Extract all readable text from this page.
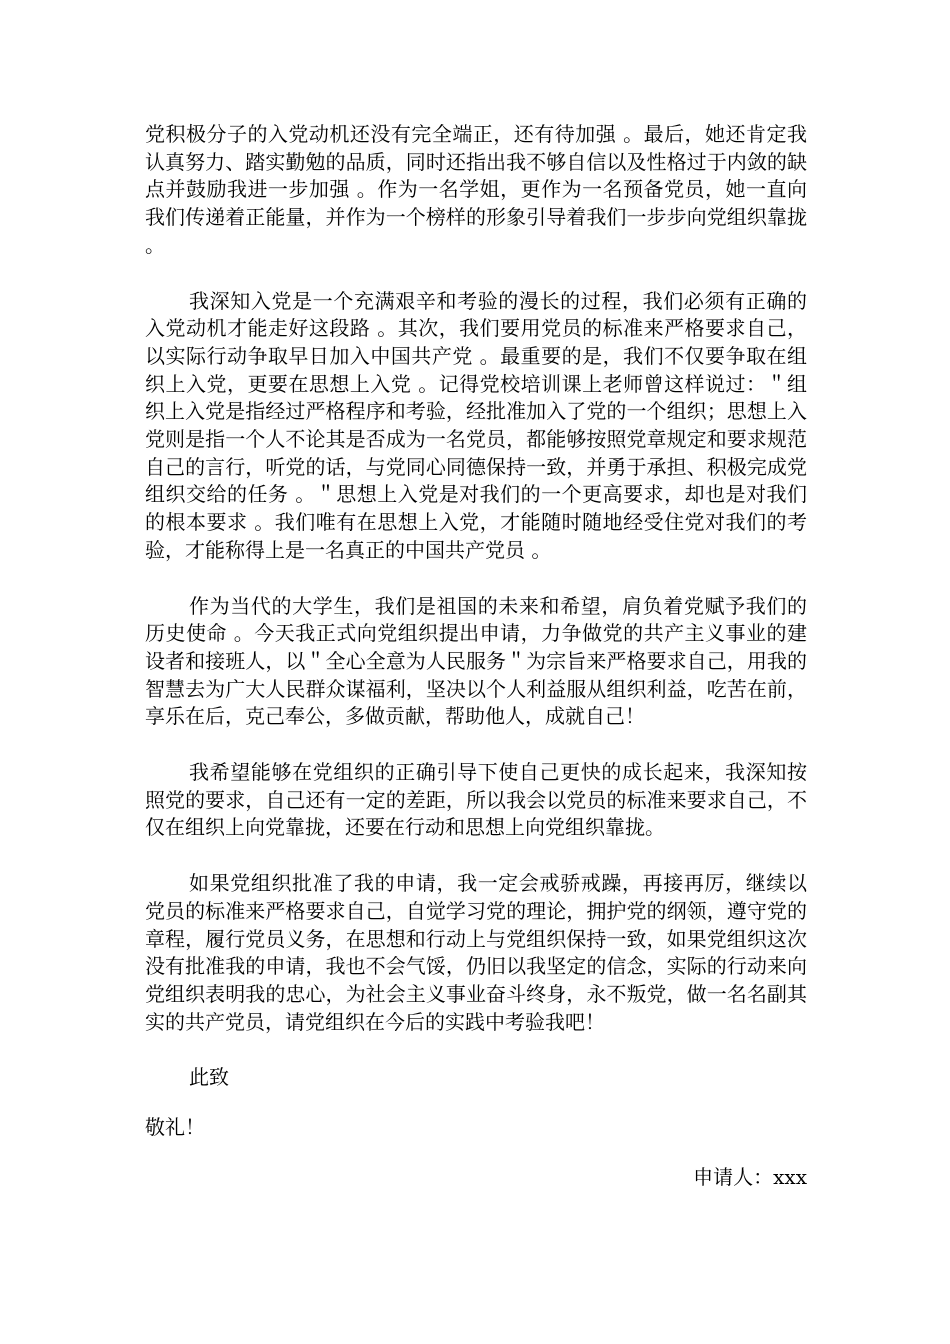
党积极分子的入党动机还没有完全端正，还有待加强 。最后，她还肯定我认真努力、踏实勤勉的品质，同时还指出我不够自信以及性格过于内敛的缺点并鼓励我进一步加强 。作为一名学姐，更作为一名预备党员，她一直向我们传递着正能量，并作为一个榜样的形象引导着我们一步步向党组织靠拢 。

我深知入党是一个充满艰辛和考验的漫长的过程，我们必须有正确的入党动机才能走好这段路 。其次，我们要用党员的标准来严格要求自己，以实际行动争取早日加入中国共产党 。最重要的是，我们不仅要争取在组织上入党，更要在思想上入党 。记得党校培训课上老师曾这样说过：＂组织上入党是指经过严格程序和考验，经批准加入了党的一个组织；思想上入党则是指一个人不论其是否成为一名党员，都能够按照党章规定和要求规范自己的言行，听党的话，与党同心同德保持一致，并勇于承担、积极完成党组织交给的任务 。＂思想上入党是对我们的一个更高要求，却也是对我们的根本要求 。我们唯有在思想上入党，才能随时随地经受住党对我们的考验，才能称得上是一名真正的中国共产党员 。

作为当代的大学生，我们是祖国的未来和希望，肩负着党赋予我们的历史使命 。今天我正式向党组织提出申请，力争做党的共产主义事业的建设者和接班人，以＂全心全意为人民服务＂为宗旨来严格要求自己，用我的智慧去为广大人民群众谋福利，坚决以个人利益服从组织利益，吃苦在前，享乐在后，克己奉公，多做贡献，帮助他人，成就自己！

我希望能够在党组织的正确引导下使自己更快的成长起来，我深知按照党的要求，自己还有一定的差距，所以我会以党员的标准来要求自己，不仅在组织上向党靠拢，还要在行动和思想上向党组织靠拢。

如果党组织批准了我的申请，我一定会戒骄戒躁，再接再厉，继续以党员的标准来严格要求自己，自觉学习党的理论，拥护党的纲领，遵守党的章程，履行党员义务，在思想和行动上与党组织保持一致，如果党组织这次没有批准我的申请，我也不会气馁，仍旧以我坚定的信念，实际的行动来向党组织表明我的忠心，为社会主义事业奋斗终身，永不叛党，做一名名副其实的共产党员，请党组织在今后的实践中考验我吧！

此致

敬礼！

申请人：xxx
